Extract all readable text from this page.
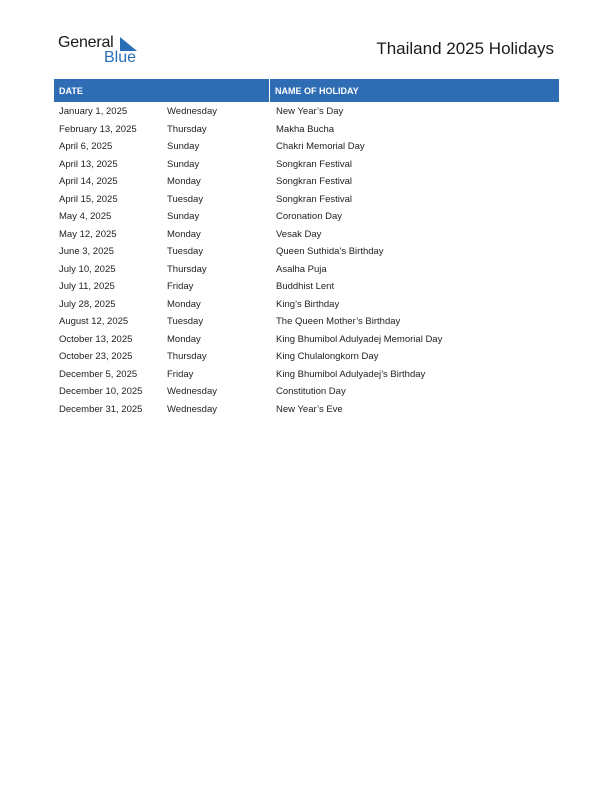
General
Blue	Thailand 2025 Holidays
DATE	NAME OF HOLIDAY
January 1, 2025	Wednesday	New Year’s Day
February 13, 2025	Thursday	Makha Bucha
April 6, 2025	Sunday	Chakri Memorial Day
April 13, 2025	Sunday	Songkran Festival
April 14, 2025	Monday	Songkran Festival
April 15, 2025	Tuesday	Songkran Festival
May 4, 2025	Sunday	Coronation Day
May 12, 2025	Monday	Vesak Day
June 3, 2025	Tuesday	Queen Suthida’s Birthday
July 10, 2025	Thursday	Asalha Puja
July 11, 2025	Friday	Buddhist Lent
July 28, 2025	Monday	King’s Birthday
August 12, 2025	Tuesday	The Queen Mother’s Birthday
October 13, 2025	Monday	King Bhumibol Adulyadej Memorial Day
October 23, 2025	Thursday	King Chulalongkorn Day
December 5, 2025	Friday	King Bhumibol Adulyadej’s Birthday
December 10, 2025	Wednesday	Constitution Day
December 31, 2025	Wednesday	New Year’s Eve
